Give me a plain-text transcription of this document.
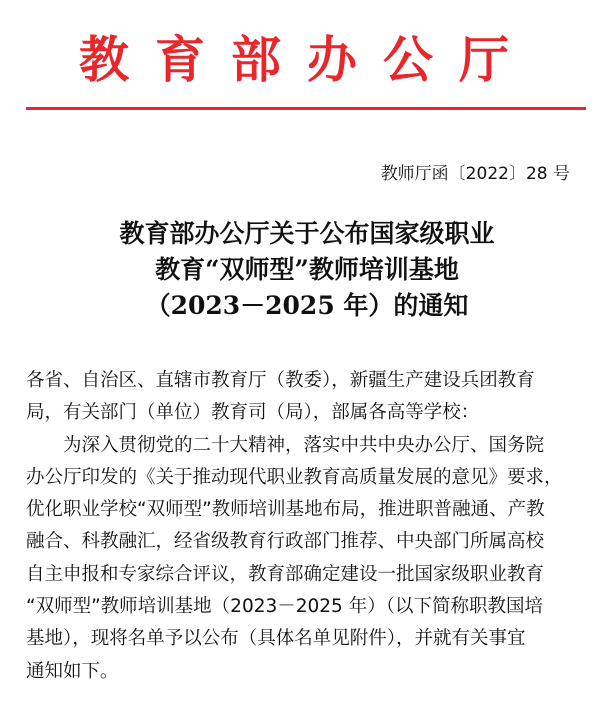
教育部办公厅
教师厅函〔2022〕28 号
教育部办公厅关于公布国家级职业
教育“双师型”教师培训基地
（2023－2025 年）的通知
各省、自治区、直辖市教育厅（教委），新疆生产建设兵团教育
局，有关部门（单位）教育司（局），部属各高等学校：
为深入贯彻党的二十大精神，落实中共中央办公厅、国务院
办公厅印发的《关于推动现代职业教育高质量发展的意见》要求，
优化职业学校“双师型”教师培训基地布局，推进职普融通、产教
融合、科教融汇，经省级教育行政部门推荐、中央部门所属高校
自主申报和专家综合评议，教育部确定建设一批国家级职业教育
“双师型”教师培训基地（2023－2025 年）（以下简称职教国培
基地），现将名单予以公布（具体名单见附件），并就有关事宜
通知如下。
